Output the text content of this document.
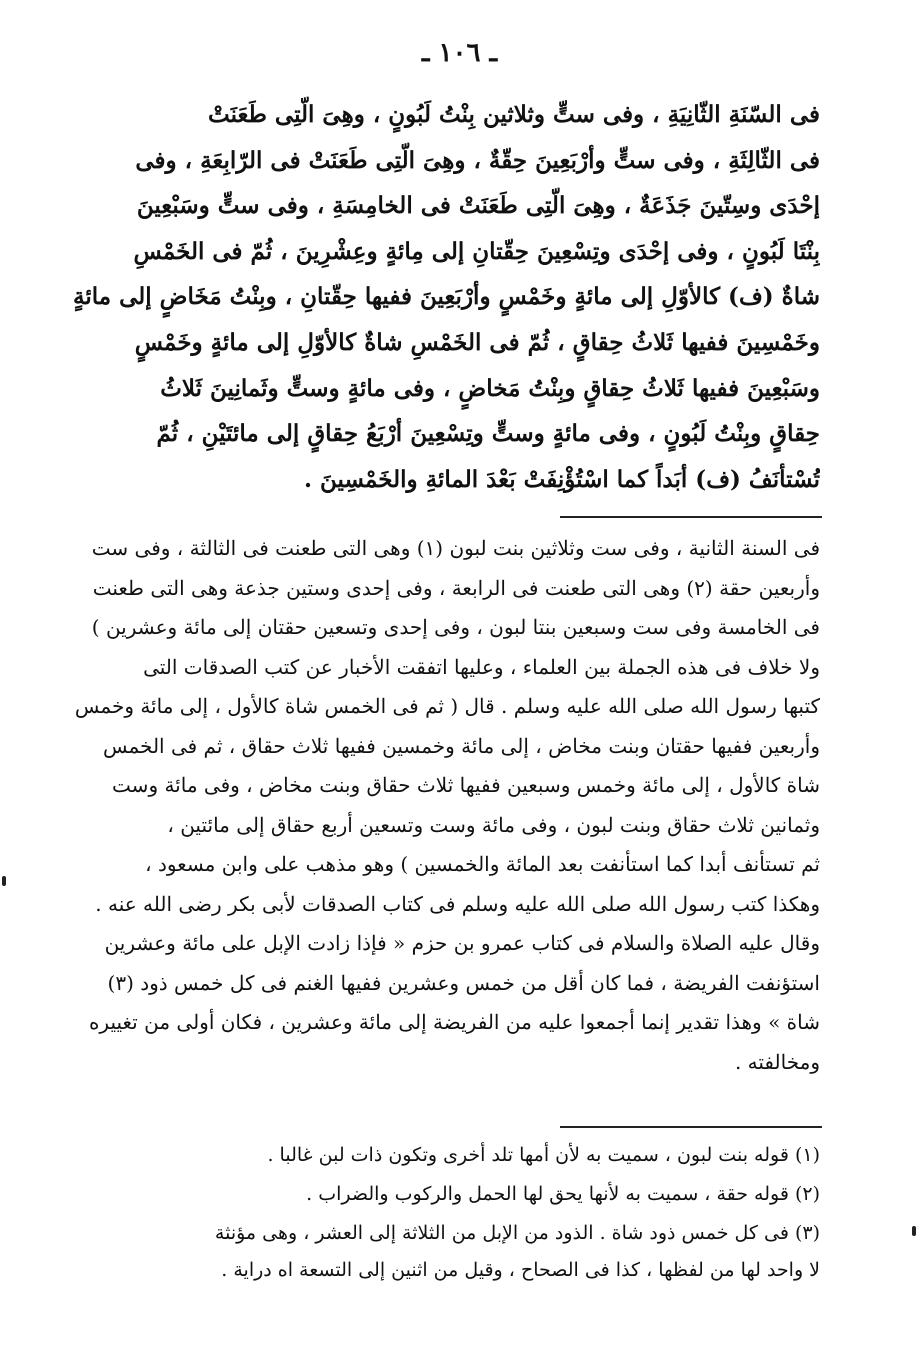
ـ ١٠٦ ـ
فى السّنَةِ الثّانِيَةِ ، وفى ستٍّ وثلاثين بِنْتُ لَبُونٍ ، وهِىَ الّتِى طَعَنَتْ
فى الثّالِثَةِ ، وفى ستٍّ وأرْبَعِينَ حِقّةٌ ، وهِىَ الّتِى طَعَنَتْ فى الرّابِعَةِ ، وفى
إحْدَى وسِتّينَ جَذَعَةٌ ، وهِىَ الّتِى طَعَنَتْ فى الخامِسَةِ ، وفى ستٍّ وسَبْعِينَ
بِنْتَا لَبُونٍ ، وفى إحْدَى وتِسْعِينَ حِقّتانِ إلى مِائةٍ وعِشْرِينَ ، ثُمّ فى الخَمْسِ
شاةٌ (ف) كالأوّلِ إلى مائةٍ وخَمْسٍ وأرْبَعِينَ ففيها حِقّتانِ ، وبِنْتُ مَخَاضٍ إلى مائةٍ
وخَمْسِينَ ففيها ثَلاثُ حِقاقٍ ، ثُمّ فى الخَمْسِ شاةٌ كالأوّلِ إلى مائةٍ وخَمْسٍ
وسَبْعِينَ ففيها ثَلاثُ حِقاقٍ وبِنْتُ مَخاضٍ ، وفى مائةٍ وستٍّ وثَمانِينَ ثَلاثُ
حِقاقٍ وبِنْتُ لَبُونٍ ، وفى مائةٍ وستٍّ وتِسْعِينَ أرْبَعُ حِقاقٍ إلى مائتَيْنِ ، ثُمّ
تُسْتأنَفُ (ف) أبَداً كما اسْتُؤْنِفَتْ بَعْدَ المائةِ والخَمْسِينَ .
فى السنة الثانية ، وفى ست وثلاثين بنت لبون (١) وهى التى طعنت فى الثالثة ، وفى ست
وأربعين حقة (٢) وهى التى طعنت فى الرابعة ، وفى إحدى وستين جذعة وهى التى طعنت
فى الخامسة وفى ست وسبعين بنتا لبون ، وفى إحدى وتسعين حقتان إلى مائة وعشرين )
ولا خلاف فى هذه الجملة بين العلماء ، وعليها اتفقت الأخبار عن كتب الصدقات التى
كتبها رسول الله صلى الله عليه وسلم . قال ( ثم فى الخمس شاة كالأول ، إلى مائة وخمس
وأربعين ففيها حقتان وبنت مخاض ، إلى مائة وخمسين ففيها ثلاث حقاق ، ثم فى الخمس
شاة كالأول ، إلى مائة وخمس وسبعين ففيها ثلاث حقاق وبنت مخاض ، وفى مائة وست
وثمانين ثلاث حقاق وبنت لبون ، وفى مائة وست وتسعين أربع حقاق إلى مائتين ،
ثم تستأنف أبدا كما استأنفت بعد المائة والخمسين ) وهو مذهب على وابن مسعود ،
وهكذا كتب رسول الله صلى الله عليه وسلم فى كتاب الصدقات لأبى بكر رضى الله عنه .
وقال عليه الصلاة والسلام فى كتاب عمرو بن حزم « فإذا زادت الإبل على مائة وعشرين
استؤنفت الفريضة ، فما كان أقل من خمس وعشرين ففيها الغنم فى كل خمس ذود (٣)
شاة » وهذا تقدير إنما أجمعوا عليه من الفريضة إلى مائة وعشرين ، فكان أولى من تغييره
ومخالفته .
(١) قوله بنت لبون ، سميت به لأن أمها تلد أخرى وتكون ذات لبن غالبا .
(٢) قوله حقة ، سميت به لأنها يحق لها الحمل والركوب والضراب .
(٣) فى كل خمس ذود شاة . الذود من الإبل من الثلاثة إلى العشر ، وهى مؤنثة
لا واحد لها من لفظها ، كذا فى الصحاح ، وقيل من اثنين إلى التسعة اه دراية .
